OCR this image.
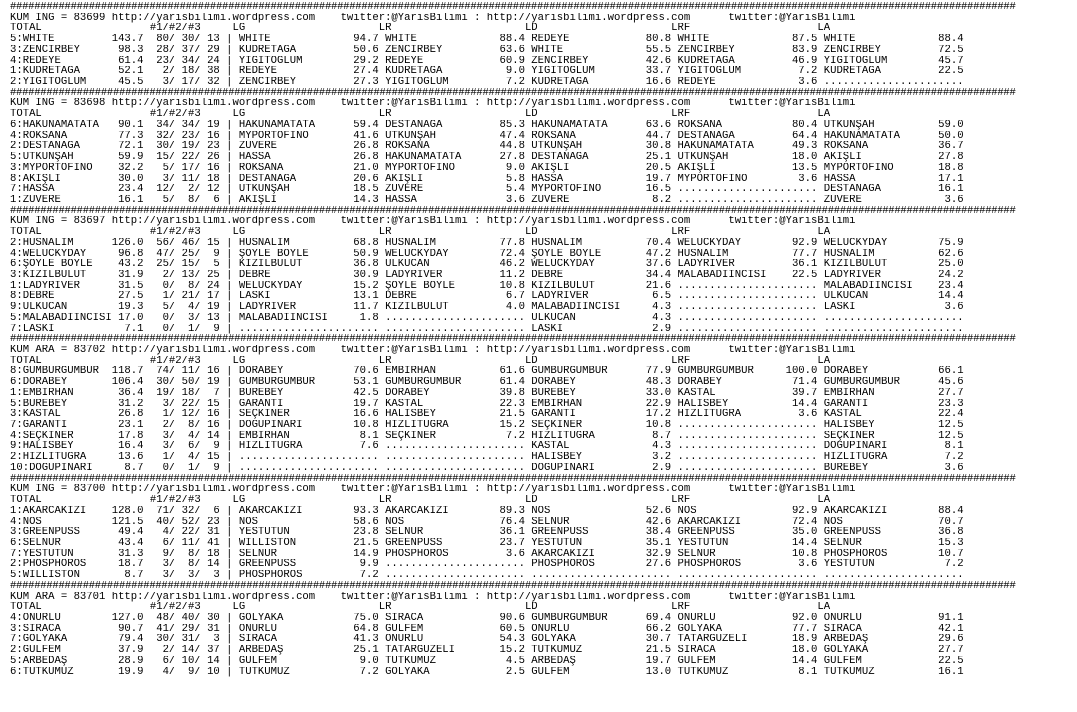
######################################################################################################################################################################
KUM ING = 83699 http://yarisbilimi.wordpress.com    twitter:@YarisBilimi : http://yarisbilimi.wordpress.com      twitter:@YarisBilimi
TOTAL                 #1/#2/#3     LG                     LR                     LD                     LRF                    LA
5:WHITE         143.7  80/ 30/ 13 | WHITE             94.7 WHITE             88.4 REDEYE            80.8 WHITE             87.5 WHITE             88.4
3:ZENCİRBEY      98.3  28/ 37/ 29 | KUDRETAĞA         50.6 ZENCİRBEY         63.6 WHITE             55.5 ZENCİRBEY         83.9 ZENCİRBEY         72.5
4:REDEYE         61.4  23/ 34/ 24 | YİĞİTOĞLUM        29.2 REDEYE            60.9 ZENCİRBEY         42.6 KUDRETAĞA         46.9 YİĞİTOĞLUM        45.7
1:KUDRETAĞA      52.1   2/ 18/ 38 | REDEYE            27.4 KUDRETAĞA          9.0 YİĞİTOĞLUM        33.7 YİĞİTOĞLUM         7.2 KUDRETAĞA         22.5
2:YİĞİTOĞLUM     45.5   3/ 17/ 32 | ZENCİRBEY         27.3 YİĞİTOĞLUM         7.2 KUDRETAĞA         16.6 REDEYE             3.6 ......................
######################################################################################################################################################################
KUM ING = 83698 http://yarisbilimi.wordpress.com    twitter:@YarisBilimi : http://yarisbilimi.wordpress.com      twitter:@YarisBilimi
TOTAL                 #1/#2/#3     LG                     LR                     LD                     LRF                    LA
6:HAKUNAMATATA   90.1  34/ 34/ 19 | HAKUNAMATATA      59.4 DESTANAGA         85.3 HAKUNAMATATA      63.6 ROKSANA           80.4 UTKUNŞAH          59.0
4:ROKSANA        77.3  32/ 23/ 16 | MYPORTOFİNO       41.6 UTKUNŞAH          47.4 ROKSANA           44.7 DESTANAGA         64.4 HAKUNAMATATA      50.0
2:DESTANAGA      72.1  30/ 19/ 23 | ZUVERE            26.8 ROKSANA           44.8 UTKUNŞAH          30.8 HAKUNAMATATA      49.3 ROKSANA           36.7
5:UTKUNŞAH       59.9  15/ 22/ 26 | HASSA             26.8 HAKUNAMATATA      27.8 DESTANAGA         25.1 UTKUNŞAH          18.0 AKIŞLI            27.8
3:MYPORTOFİNO    32.2   5/ 17/ 16 | ROKSANA           21.0 MYPORTOFİNO        9.0 AKIŞLI            20.5 AKIŞLI            13.5 MYPORTOFİNO       18.8
8:AKIŞLI         30.0   3/ 11/ 18 | DESTANAGA         20.6 AKIŞLI             5.8 HASSA             19.7 MYPORTOFİNO        3.6 HASSA             17.1
7:HASSA          23.4  12/  2/ 12 | UTKUNŞAH          18.5 ZUVERE             5.4 MYPORTOFİNO       16.5 ...................... DESTANAGA         16.1
1:ZUVERE         16.1   5/  8/  6 | AKIŞLI            14.3 HASSA              3.6 ZUVERE             8.2 ...................... ZUVERE             3.6
######################################################################################################################################################################
KUM ING = 83697 http://yarisbilimi.wordpress.com    twitter:@YarisBilimi : http://yarisbilimi.wordpress.com      twitter:@YarisBilimi
TOTAL                 #1/#2/#3     LG                     LR                     LD                     LRF                    LA
2:HÜSNALIM      126.0  56/ 46/ 15 | HÜSNALIM          68.8 HÜSNALIM          77.8 HÜSNALIM          70.4 WELUCKYDAY        92.9 WELUCKYDAY        75.9
4:WELUCKYDAY     96.8  47/ 25/  9 | ŞÖYLE BÖYLE       50.9 WELUCKYDAY        72.4 ŞÖYLE BÖYLE       47.2 HÜSNALIM          77.7 HÜSNALIM          62.6
6:ŞÖYLE BÖYLE    43.2  25/ 15/  5 | KIZILBULUT        36.8 ÜLKÜCAN           46.2 WELUCKYDAY        37.6 LADYRIVER         36.1 KIZILBULUT        25.0
3:KIZILBULUT     31.9   2/ 13/ 25 | DEBRE             30.9 LADYRIVER         11.2 DEBRE             34.4 MALABADİİNCİSİ    22.5 LADYRIVER         24.2
1:LADYRIVER      31.5   0/  8/ 24 | WELUCKYDAY        15.2 ŞÖYLE BÖYLE       10.8 KIZILBULUT        21.6 ...................... MALABADİİNCİSİ    23.4
8:DEBRE          27.5   1/ 21/ 17 | LASKİ             13.1 DEBRE              6.7 LADYRIVER          6.5 ...................... ÜLKÜCAN           14.4
9:ÜLKÜCAN        19.3   5/  4/ 19 | LADYRIVER         11.7 KIZILBULUT         4.0 MALABADİİNCİSİ     4.3 ...................... LASKİ              3.6
5:MALABADİİNCİSİ 17.0   0/  3/ 13 | MALABADİİNCİSİ     1.8 ...................... ÜLKÜCAN            4.3 ...................... ......................
7:LASKİ           7.1   0/  1/  9 | ...................... ...................... LASKİ              2.9 ...................... ......................
######################################################################################################################################################################
KUM ARA = 83702 http://yarisbilimi.wordpress.com    twitter:@YarisBilimi : http://yarisbilimi.wordpress.com      twitter:@YarisBilimi
TOTAL                 #1/#2/#3     LG                     LR                     LD                     LRF                    LA
8:GÜMBÜRGÜMBÜR  118.7  74/ 11/ 16 | DORABEY           70.6 EMBİRHAN          61.6 GÜMBÜRGÜMBÜR      77.9 GÜMBÜRGÜMBÜR     100.0 DORABEY           66.1
6:DORABEY       106.4  30/ 50/ 19 | GÜMBÜRGÜMBÜR      53.1 GÜMBÜRGÜMBÜR      61.4 DORABEY           48.3 DORABEY           71.4 GÜMBÜRGÜMBÜR      45.6
1:EMBİRHAN       36.4  19/ 18/  7 | BÜREBEY           42.5 DORABEY           39.8 BÜREBEY           33.0 KASTAL            39.7 EMBİRHAN          27.7
5:BÜREBEY        31.2   3/ 22/ 15 | GARANTİ           19.7 KASTAL            22.3 EMBİRHAN          22.9 HALİSBEY          14.4 GARANTİ           23.3
3:KASTAL         26.8   1/ 12/ 16 | SEÇKİNER          16.6 HALİSBEY          21.5 GARANTİ           17.2 HIZLITUĞRA         3.6 KASTAL            22.4
7:GARANTİ        23.1   2/  8/ 16 | DOĞUPINARI        10.8 HIZLITUĞRA        15.2 SEÇKİNER          10.8 ...................... HALİSBEY          12.5
4:SEÇKİNER       17.8   3/  4/ 14 | EMBİRHAN           8.1 SEÇKİNER           7.2 HIZLITUĞRA         8.7 ...................... SEÇKİNER          12.5
9:HALİSBEY       16.4   3/  6/  9 | HIZLITUĞRA         7.6 ...................... KASTAL             4.3 ...................... DOĞUPINARI         8.1
2:HIZLITUĞRA     13.6   1/  4/ 15 | ...................... ...................... HALİSBEY           3.2 ...................... HIZLITUĞRA         7.2
10:DOĞUPINARI     8.7   0/  1/  9 | ...................... ...................... DOĞUPINARI         2.9 ...................... BÜREBEY            3.6
######################################################################################################################################################################
KUM ING = 83700 http://yarisbilimi.wordpress.com    twitter:@YarisBilimi : http://yarisbilimi.wordpress.com      twitter:@YarisBilimi
TOTAL                 #1/#2/#3     LG                     LR                     LD                     LRF                    LA
1:AKARCAKIZI    128.0  71/ 32/  6 | AKARCAKIZI        93.3 AKARCAKIZI        89.3 NOS               52.6 NOS               92.9 AKARCAKIZI        88.4
4:NOS           121.5  40/ 52/ 23 | NOS               58.6 NOS               76.4 SELNUR            42.6 AKARCAKIZI        72.4 NOS               70.7
3:GREENPUSS      49.4   4/ 22/ 31 | YESTÜTÜN          23.8 SELNUR            36.1 GREENPUSS         38.4 GREENPUSS         35.0 GREENPUSS         36.8
6:SELNUR         43.4   6/ 11/ 41 | WILLISTON         21.5 GREENPUSS         23.7 YESTÜTÜN          35.1 YESTÜTÜN          14.4 SELNUR            15.3
7:YESTÜTÜN       31.3   9/  8/ 18 | SELNUR            14.9 PHOSPHOROS         3.6 AKARCAKIZI        32.9 SELNUR            10.8 PHOSPHOROS        10.7
2:PHOSPHOROS     18.7   3/  8/ 14 | GREENPUSS          9.9 ...................... PHOSPHOROS        27.6 PHOSPHOROS         3.6 YESTÜTÜN           7.2
5:WILLISTON       8.7   3/  3/  3 | PHOSPHOROS         7.2 ...................... ...................... ...................... ......................
######################################################################################################################################################################
KUM ARA = 83701 http://yarisbilimi.wordpress.com    twitter:@YarisBilimi : http://yarisbilimi.wordpress.com      twitter:@YarisBilimi
TOTAL                 #1/#2/#3     LG                     LR                     LD                     LRF                    LA
4:ONURLU        127.0  48/ 40/ 30 | GÖLYAKA           75.0 SIRACA            90.6 GÜMBÜRGÜMBÜR      69.4 ONURLU            92.0 ONURLU            91.1
3:SIRACA         90.7  41/ 29/ 31 | ONURLU            64.8 GÜLFEM            60.5 ONURLU            66.2 GÖLYAKA           77.7 SIRACA            42.1
7:GÖLYAKA        79.4  30/ 31/  3 | SIRACA            41.3 ONURLU            54.3 GÖLYAKA           30.7 TATARGÜZELİ       18.9 ARBEDAŞ           29.6
2:GÜLFEM         37.9   2/ 14/ 37 | ARBEDAŞ           25.1 TATARGÜZELİ       15.2 TUTKUMUZ          21.5 SIRACA            18.0 GÖLYAKA           27.7
5:ARBEDAŞ        28.9   6/ 10/ 14 | GÜLFEM             9.0 TUTKUMUZ           4.5 ARBEDAŞ           19.7 GÜLFEM            14.4 GÜLFEM            22.5
6:TUTKUMUZ       19.9   4/  9/ 10 | TUTKUMUZ           7.2 GÖLYAKA            2.5 GÜLFEM            13.0 TUTKUMUZ           8.1 TUTKUMUZ          16.1
